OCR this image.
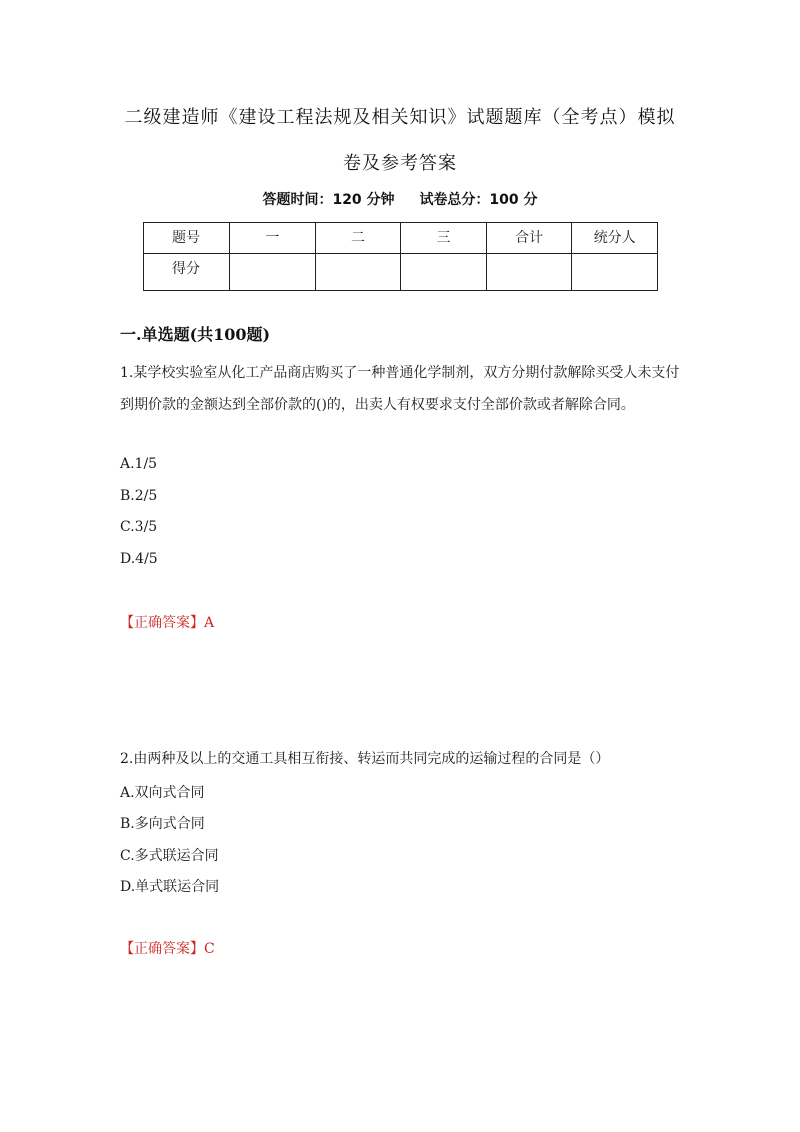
二级建造师《建设工程法规及相关知识》试题题库（全考点）模拟
卷及参考答案
答题时间：120 分钟 试卷总分：100 分
题号	一	二	三	合计	统分人
得分					
一.单选题(共100题)
1.某学校实验室从化工产品商店购买了一种普通化学制剂，双方分期付款解除买受人未支付到期价款的金额达到全部价款的()的，出卖人有权要求支付全部价款或者解除合同。
A.1/5
B.2/5
C.3/5
D.4/5
【正确答案】A
2.由两种及以上的交通工具相互衔接、转运而共同完成的运输过程的合同是（）
A.双向式合同
B.多向式合同
C.多式联运合同
D.单式联运合同
【正确答案】C
